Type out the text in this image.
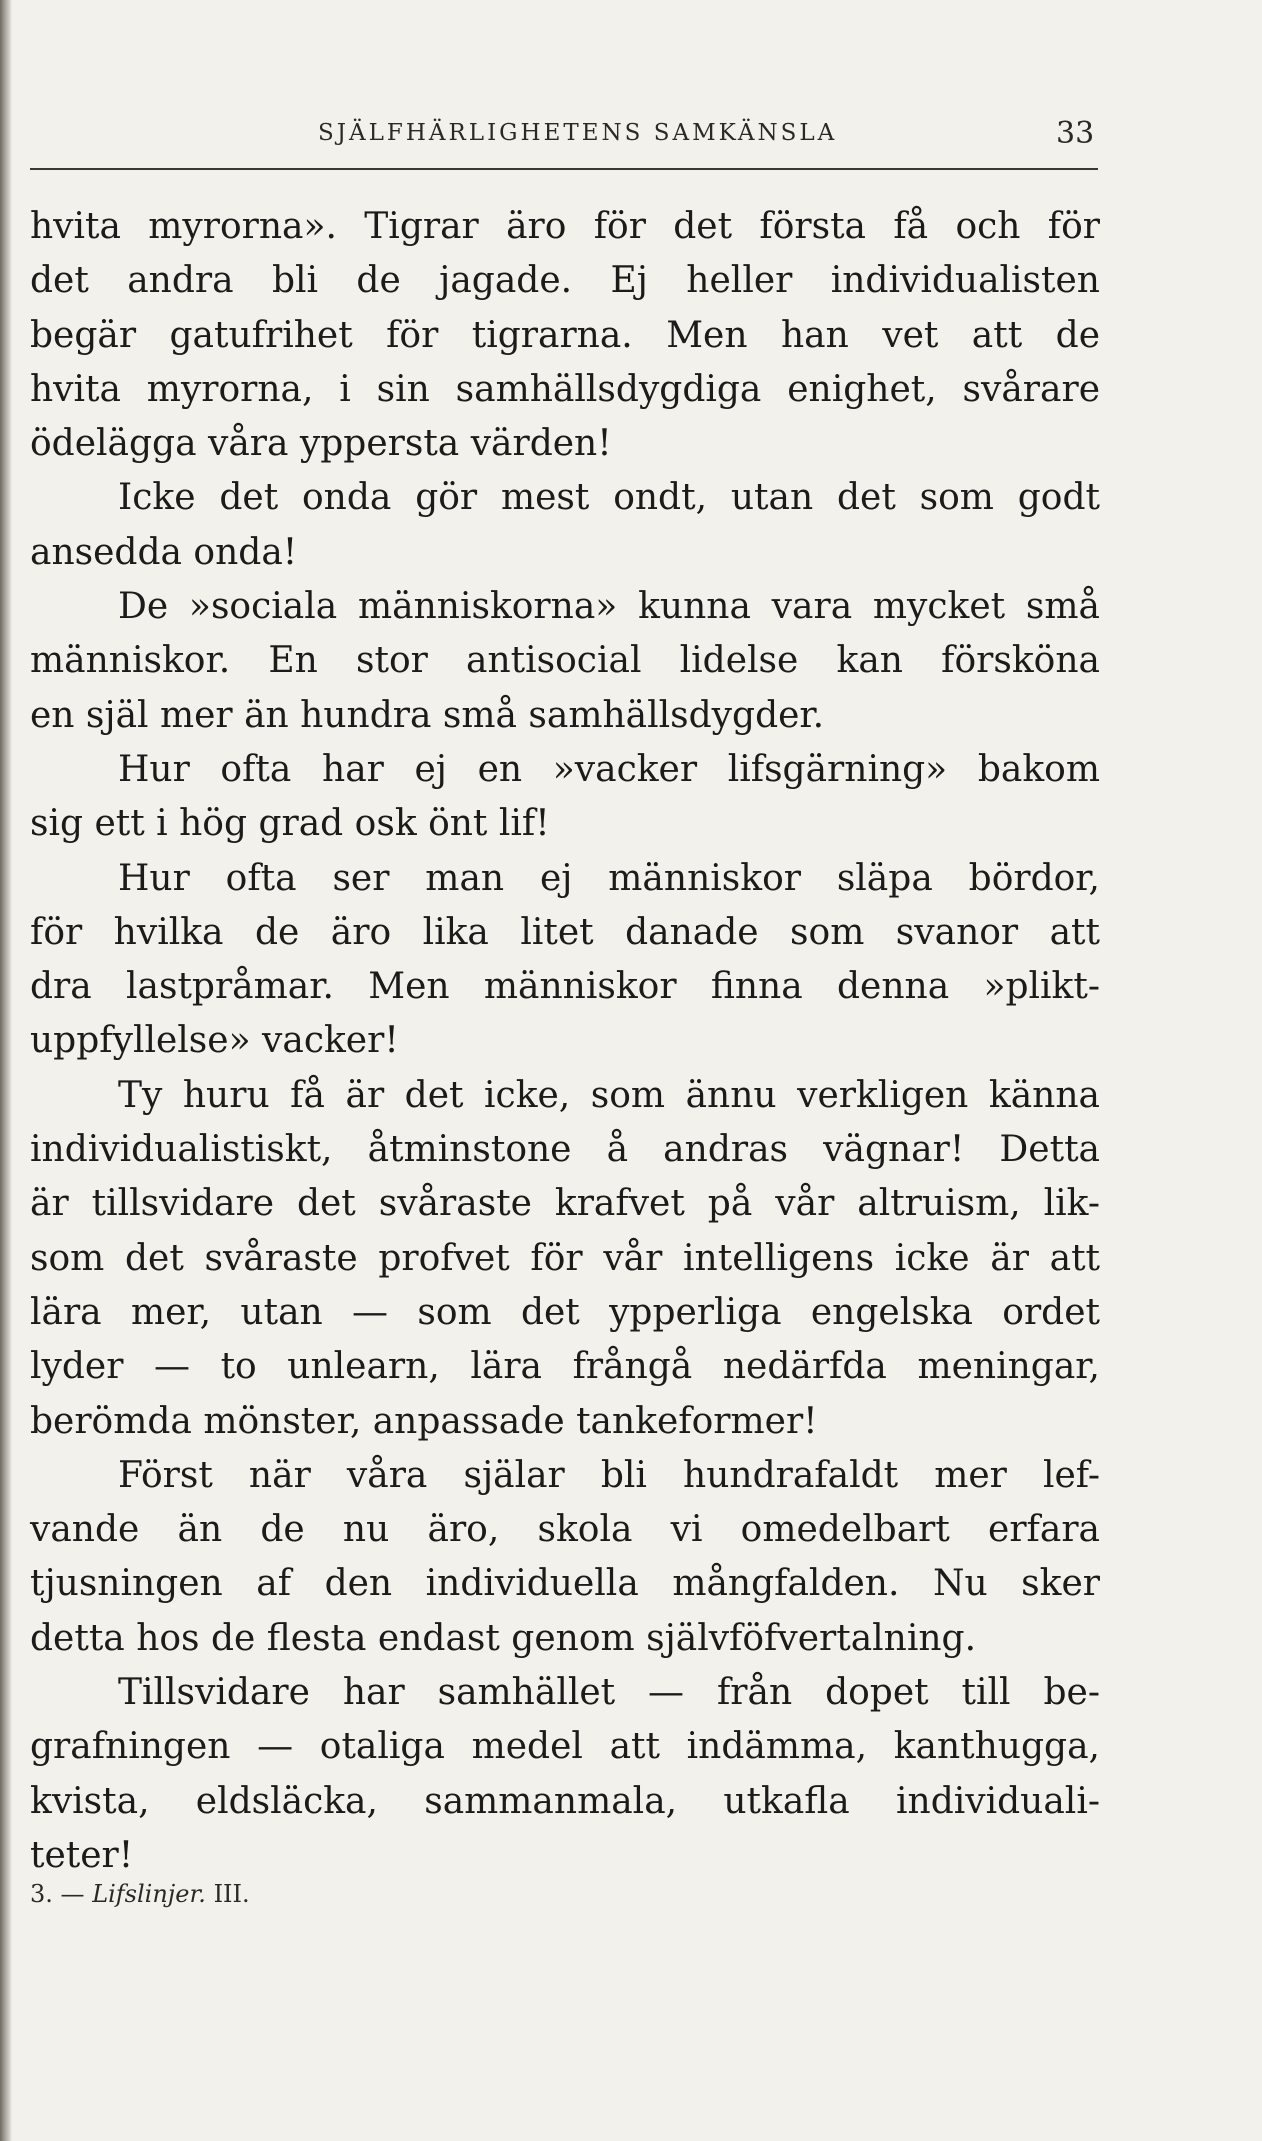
SJÄLFHÄRLIGHETENS SAMKÄNSLA	33
hvita myrorna». Tigrar äro för det första få och för
det andra bli de jagade. Ej heller individualisten
begär gatufrihet för tigrarna. Men han vet att de
hvita myrorna, i sin samhällsdygdiga enighet, svårare
ödelägga våra yppersta värden!
Icke det onda gör mest ondt, utan det som godt
ansedda onda!
De »sociala människorna» kunna vara mycket små
människor. En stor antisocial lidelse kan försköna
en själ mer än hundra små samhällsdygder.
Hur ofta har ej en »vacker lifsgärning» bakom
sig ett i hög grad osk önt lif!
Hur ofta ser man ej människor släpa bördor,
för hvilka de äro lika litet danade som svanor att
dra lastpråmar. Men människor finna denna »plikt-
uppfyllelse» vacker!
Ty huru få är det icke, som ännu verkligen känna
individualistiskt, åtminstone å andras vägnar! Detta
är tillsvidare det svåraste krafvet på vår altruism, lik-
som det svåraste profvet för vår intelligens icke är att
lära mer, utan — som det ypperliga engelska ordet
lyder — to unlearn, lära frångå nedärfda meningar,
berömda mönster, anpassade tankeformer!
Först när våra själar bli hundrafaldt mer lef-
vande än de nu äro, skola vi omedelbart erfara
tjusningen af den individuella mångfalden. Nu sker
detta hos de flesta endast genom självföfvertalning.
Tillsvidare har samhället — från dopet till be-
grafningen — otaliga medel att indämma, kanthugga,
kvista, eldsläcka, sammanmala, utkafla individuali-
teter!
3. — Lifslinjer. III.
